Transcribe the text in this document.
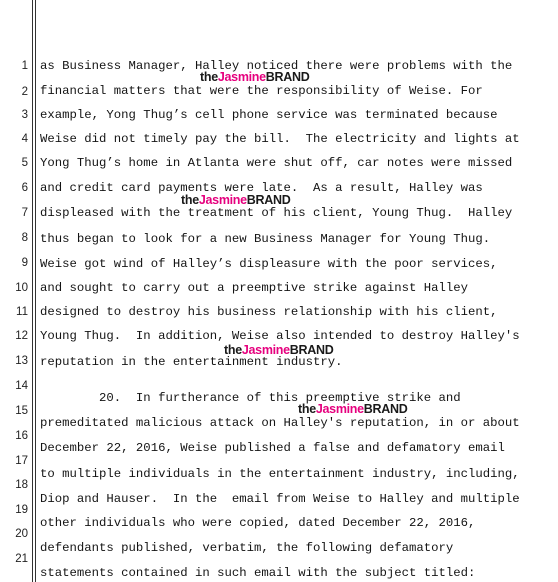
1
2
3
4
5
6
7
8
9
10
11
12
13
14
15
16
17
18
19
20
21
as Business Manager, Halley noticed there were problems with the
financial matters that were the responsibility of Weise. For
example, Yong Thug’s cell phone service was terminated because
Weise did not timely pay the bill.  The electricity and lights at
Yong Thug’s home in Atlanta were shut off, car notes were missed
and credit card payments were late.  As a result, Halley was
displeased with the treatment of his client, Young Thug.  Halley
thus began to look for a new Business Manager for Young Thug.
Weise got wind of Halley’s displeasure with the poor services,
and sought to carry out a preemptive strike against Halley
designed to destroy his business relationship with his client,
Young Thug.  In addition, Weise also intended to destroy Halley's
reputation in the entertainment industry.
20.  In furtherance of this preemptive strike and
premeditated malicious attack on Halley's reputation, in or about
December 22, 2016, Weise published a false and defamatory email
to multiple individuals in the entertainment industry, including,
Diop and Hauser.  In the  email from Weise to Halley and multiple
other individuals who were copied, dated December 22, 2016,
defendants published, verbatim, the following defamatory
statements contained in such email with the subject titled:
theJasmineBRAND
theJasmineBRAND
theJasmineBRAND
theJasmineBRAND
